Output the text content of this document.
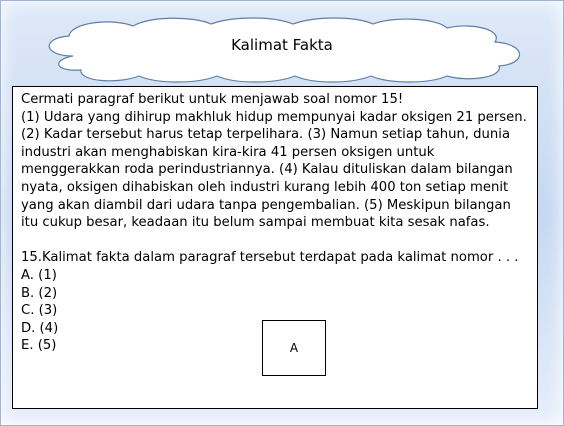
Kalimat Fakta

Cermati paragraf berikut untuk menjawab soal nomor 15!

(1) Udara yang dihirup makhluk hidup mempunyai kadar oksigen 21 persen. (2) Kadar tersebut harus tetap terpelihara. (3) Namun setiap tahun, dunia industri akan menghabiskan kira-kira 41 persen oksigen untuk menggerakkan roda perindustriannya. (4) Kalau dituliskan dalam bilangan nyata, oksigen dihabiskan oleh industri kurang lebih 400 ton setiap menit yang akan diambil dari udara tanpa pengembalian. (5) Meskipun bilangan itu cukup besar, keadaan itu belum sampai membuat kita sesak nafas.

15.Kalimat fakta dalam paragraf tersebut terdapat pada kalimat nomor . . .

A. (1)
B. (2)
C. (3)
D. (4)
E. (5)	A
